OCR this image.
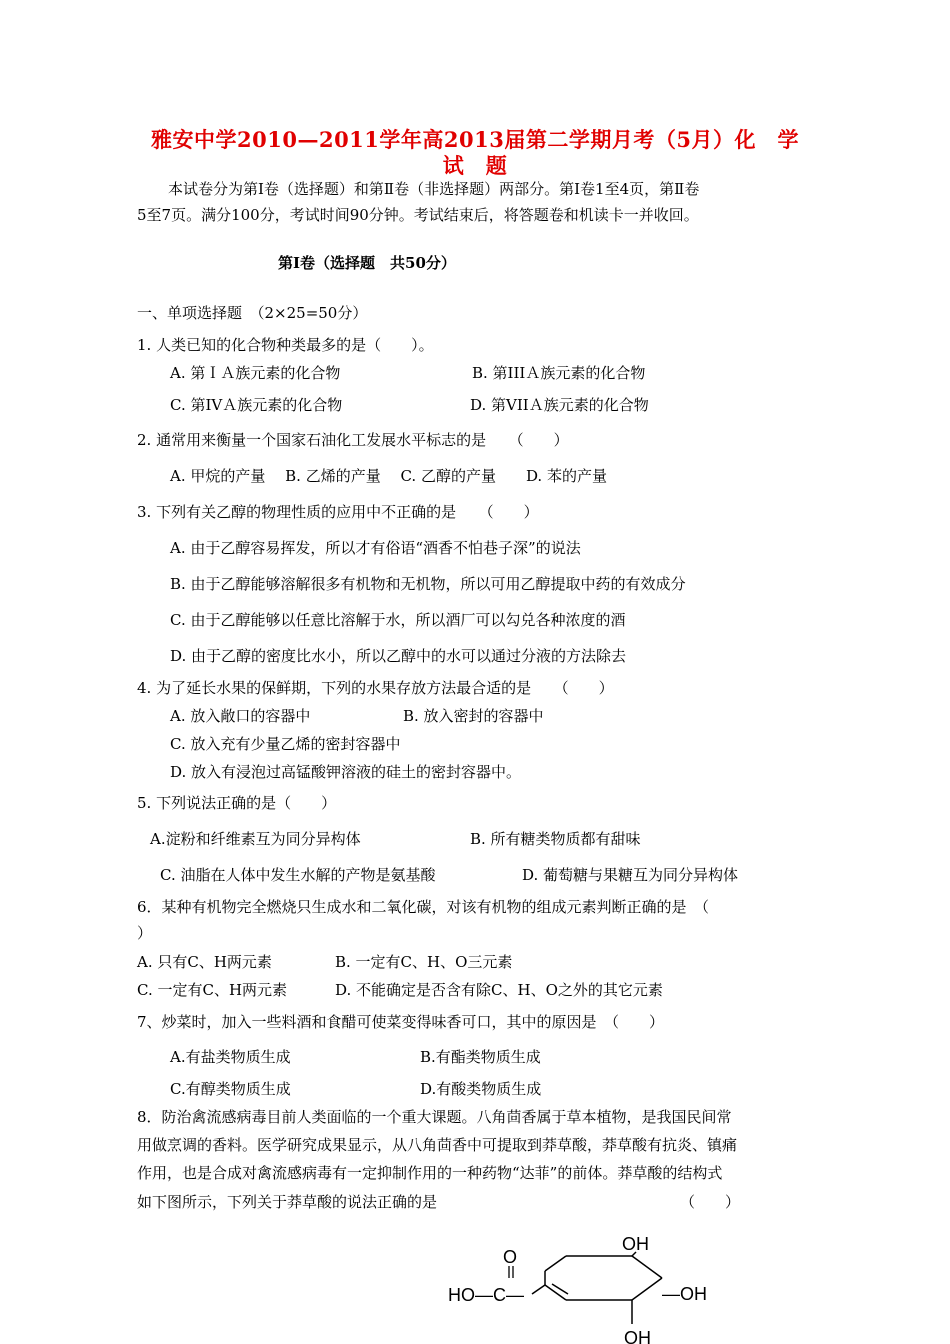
雅安中学2010—2011学年高2013届第二学期月考（5月）化　学
试　题
本试卷分为第Ⅰ卷（选择题）和第Ⅱ卷（非选择题）两部分。第Ⅰ卷1至4页，第Ⅱ卷
5至7页。满分100分，考试时间90分钟。考试结束后，将答题卷和机读卡一并收回。
第Ⅰ卷（选择题　共50分）
一、单项选择题　（2×25=50分）
1. 人类已知的化合物种类最多的是（　　）。
A. 第ＩＡ族元素的化合物	B. 第IIIＡ族元素的化合物
C. 第IVＡ族元素的化合物	D. 第VIIＡ族元素的化合物
2. 通常用来衡量一个国家石油化工发展水平标志的是　　（　　）
A. 甲烷的产量　 B. 乙烯的产量　 C. 乙醇的产量　　D. 苯的产量
3. 下列有关乙醇的物理性质的应用中不正确的是　　（　　）
A. 由于乙醇容易挥发，所以才有俗语“酒香不怕巷子深”的说法
B. 由于乙醇能够溶解很多有机物和无机物，所以可用乙醇提取中药的有效成分
C. 由于乙醇能够以任意比溶解于水，所以酒厂可以勾兑各种浓度的酒
D. 由于乙醇的密度比水小，所以乙醇中的水可以通过分液的方法除去
4. 为了延长水果的保鲜期，下列的水果存放方法最合适的是　　（　　）
A. 放入敞口的容器中	B. 放入密封的容器中
C. 放入充有少量乙烯的密封容器中
D. 放入有浸泡过高锰酸钾溶液的硅土的密封容器中。
5. 下列说法正确的是（　　）
A.淀粉和纤维素互为同分异构体	B. 所有糖类物质都有甜味
C. 油脂在人体中发生水解的产物是氨基酸	D. 葡萄糖与果糖互为同分异构体
6．某种有机物完全燃烧只生成水和二氧化碳，对该有机物的组成元素判断正确的是　（
）
A. 只有C、H两元素	B. 一定有C、H、O三元素
C. 一定有C、H两元素	D. 不能确定是否含有除C、H、O之外的其它元素
7、炒菜时，加入一些料酒和食醋可使菜变得味香可口，其中的原因是　（　　）
A.有盐类物质生成	B.有酯类物质生成
C.有醇类物质生成	D.有酸类物质生成
8．防治禽流感病毒目前人类面临的一个重大课题。八角茴香属于草本植物，是我国民间常
用做烹调的香料。医学研究成果显示，从八角茴香中可提取到莽草酸，莽草酸有抗炎、镇痛
作用，也是合成对禽流感病毒有一定抑制作用的一种药物“达菲”的前体。莽草酸的结构式
如下图所示，下列关于莽草酸的说法正确的是	（　　）
O
HO—C—
OH
—OH
OH
